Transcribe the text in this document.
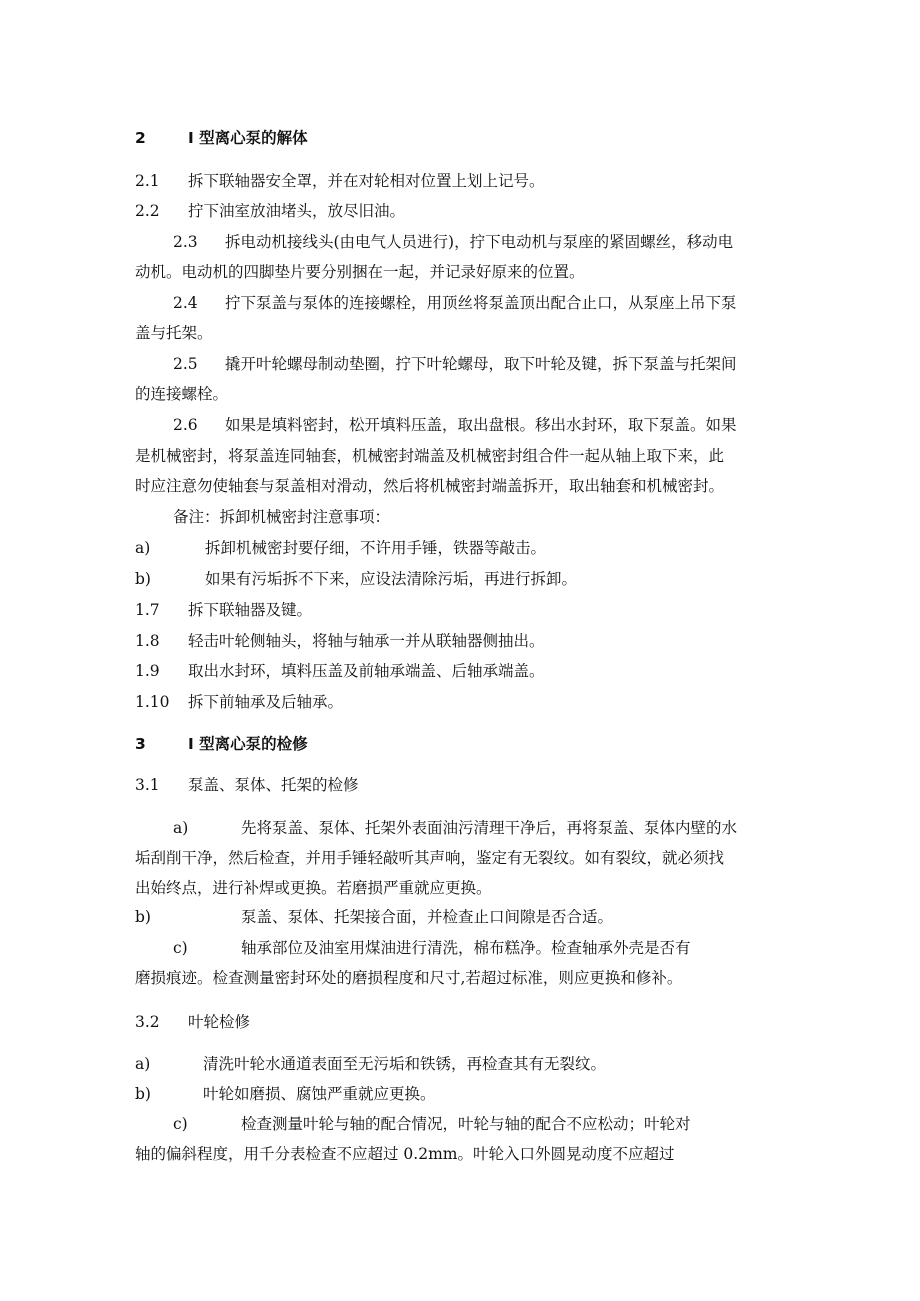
2	I 型离心泵的解体
2.1 拆下联轴器安全罩，并在对轮相对位置上划上记号。
2.2 拧下油室放油堵头，放尽旧油。
2.3 拆电动机接线头(由电气人员进行)，拧下电动机与泵座的紧固螺丝，移动电
动机。电动机的四脚垫片要分别捆在一起，并记录好原来的位置。
2.4 拧下泵盖与泵体的连接螺栓，用顶丝将泵盖顶出配合止口，从泵座上吊下泵
盖与托架。
2.5 撬开叶轮螺母制动垫圈，拧下叶轮螺母，取下叶轮及键，拆下泵盖与托架间
的连接螺栓。
2.6 如果是填料密封，松开填料压盖，取出盘根。移出水封环，取下泵盖。如果
是机械密封，将泵盖连同轴套，机械密封端盖及机械密封组合件一起从轴上取下来，此
时应注意勿使轴套与泵盖相对滑动，然后将机械密封端盖拆开，取出轴套和机械密封。
备注：拆卸机械密封注意事项：
a)	拆卸机械密封要仔细，不许用手锤，铁器等敲击。
b)	如果有污垢拆不下来，应设法清除污垢，再进行拆卸。
1.7 拆下联轴器及键。
1.8 轻击叶轮侧轴头，将轴与轴承一并从联轴器侧抽出。
1.9 取出水封环，填料压盖及前轴承端盖、后轴承端盖。
1.10 拆下前轴承及后轴承。
3	I 型离心泵的检修
3.1 泵盖、泵体、托架的检修
a)	先将泵盖、泵体、托架外表面油污清理干净后，再将泵盖、泵体内壁的水
垢刮削干净，然后检查，并用手锤轻敲听其声响，鉴定有无裂纹。如有裂纹，就必须找
出始终点，进行补焊或更换。若磨损严重就应更换。
b)	泵盖、泵体、托架接合面，并检查止口间隙是否合适。
c)	轴承部位及油室用煤油进行清洗，棉布糕净。检查轴承外壳是否有
磨损痕迹。检查测量密封环处的磨损程度和尺寸,若超过标准，则应更换和修补。
3.2 叶轮检修
a)	清洗叶轮水通道表面至无污垢和铁锈，再检查其有无裂纹。
b)	叶轮如磨损、腐蚀严重就应更换。
c)	检查测量叶轮与轴的配合情况，叶轮与轴的配合不应松动；叶轮对
轴的偏斜程度，用千分表检查不应超过 0.2mm。叶轮入口外圆晃动度不应超过
